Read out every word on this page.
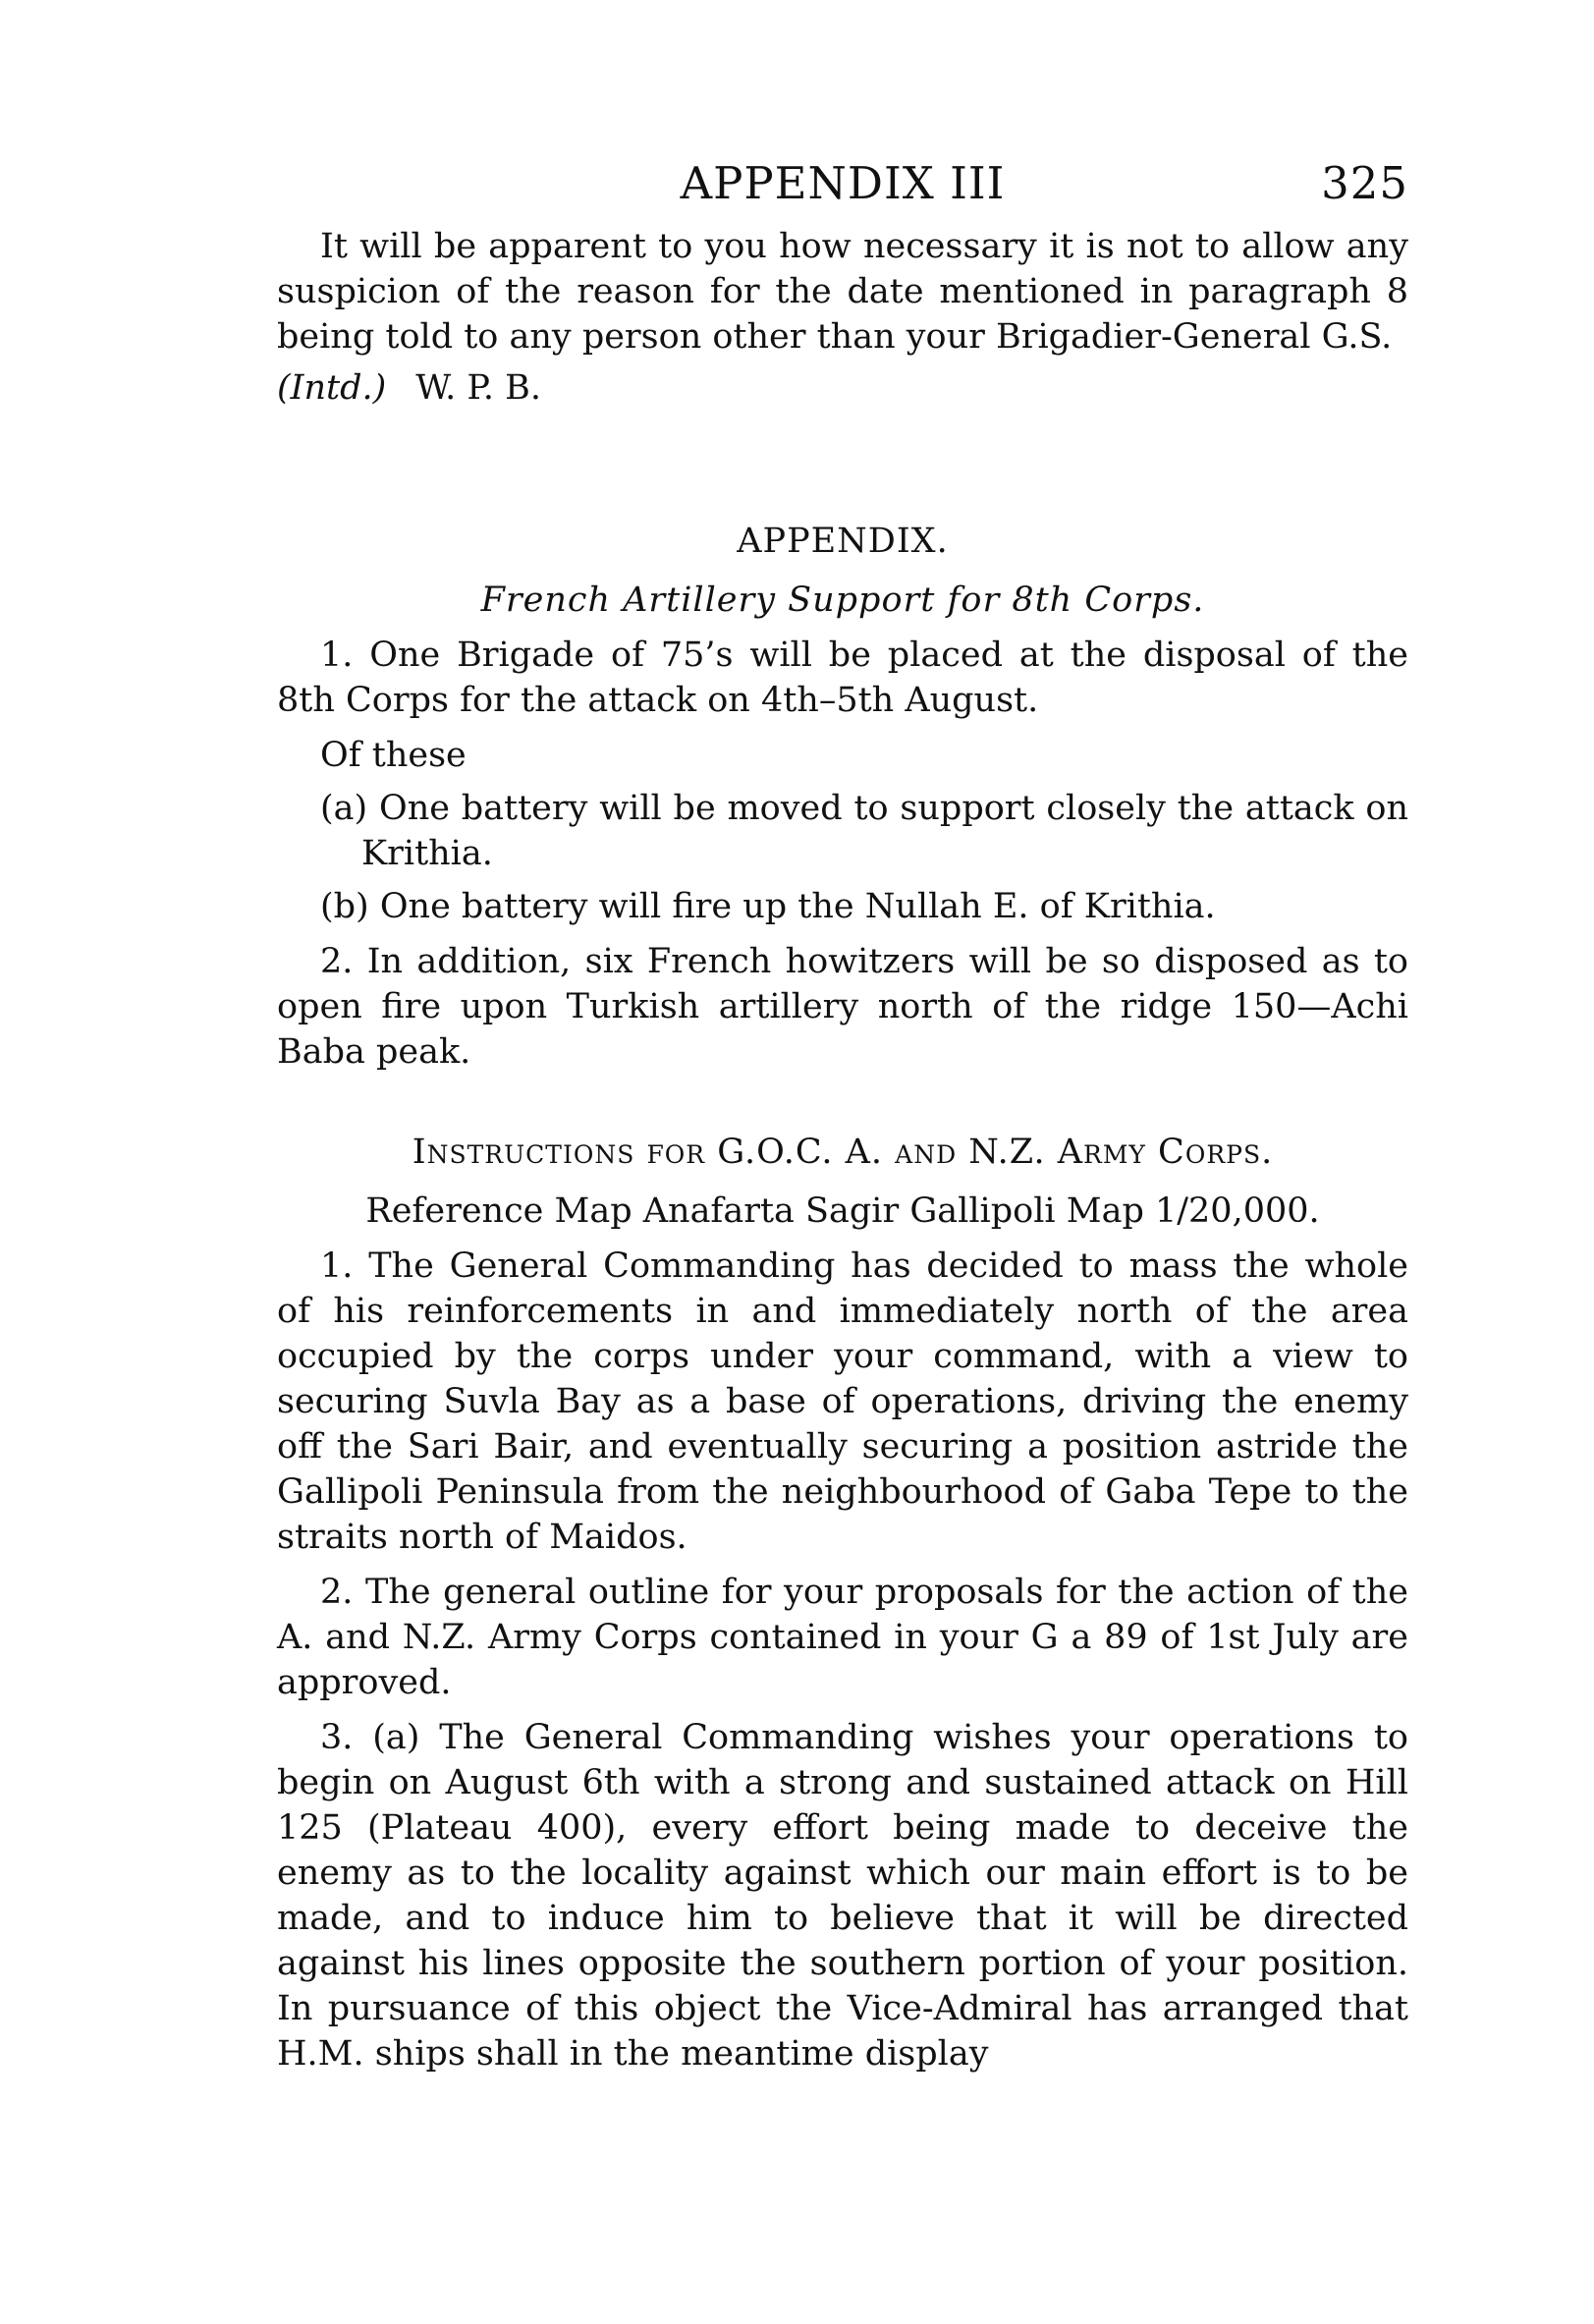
APPENDIX III	325

It will be apparent to you how necessary it is not to allow any suspicion of the reason for the date mentioned in paragraph 8 being told to any person other than your Brigadier-General G.S.

(Intd.) W. P. B.

APPENDIX.
French Artillery Support for 8th Corps.

1. One Brigade of 75’s will be placed at the disposal of the 8th Corps for the attack on 4th–5th August.

Of these

(a) One battery will be moved to support closely the attack on Krithia.

(b) One battery will fire up the Nullah E. of Krithia.

2. In addition, six French howitzers will be so disposed as to open fire upon Turkish artillery north of the ridge 150—Achi Baba peak.

Instructions for G.O.C. A. and N.Z. Army Corps.
Reference Map Anafarta Sagir Gallipoli Map 1/20,000.

1. The General Commanding has decided to mass the whole of his reinforcements in and immediately north of the area occupied by the corps under your command, with a view to securing Suvla Bay as a base of operations, driving the enemy off the Sari Bair, and eventually securing a position astride the Gallipoli Peninsula from the neighbourhood of Gaba Tepe to the straits north of Maidos.

2. The general outline for your proposals for the action of the A. and N.Z. Army Corps contained in your G a 89 of 1st July are approved.

3. (a) The General Commanding wishes your operations to begin on August 6th with a strong and sustained attack on Hill 125 (Plateau 400), every effort being made to deceive the enemy as to the locality against which our main effort is to be made, and to induce him to believe that it will be directed against his lines opposite the southern portion of your position. In pursuance of this object the Vice-Admiral has arranged that H.M. ships shall in the meantime display
